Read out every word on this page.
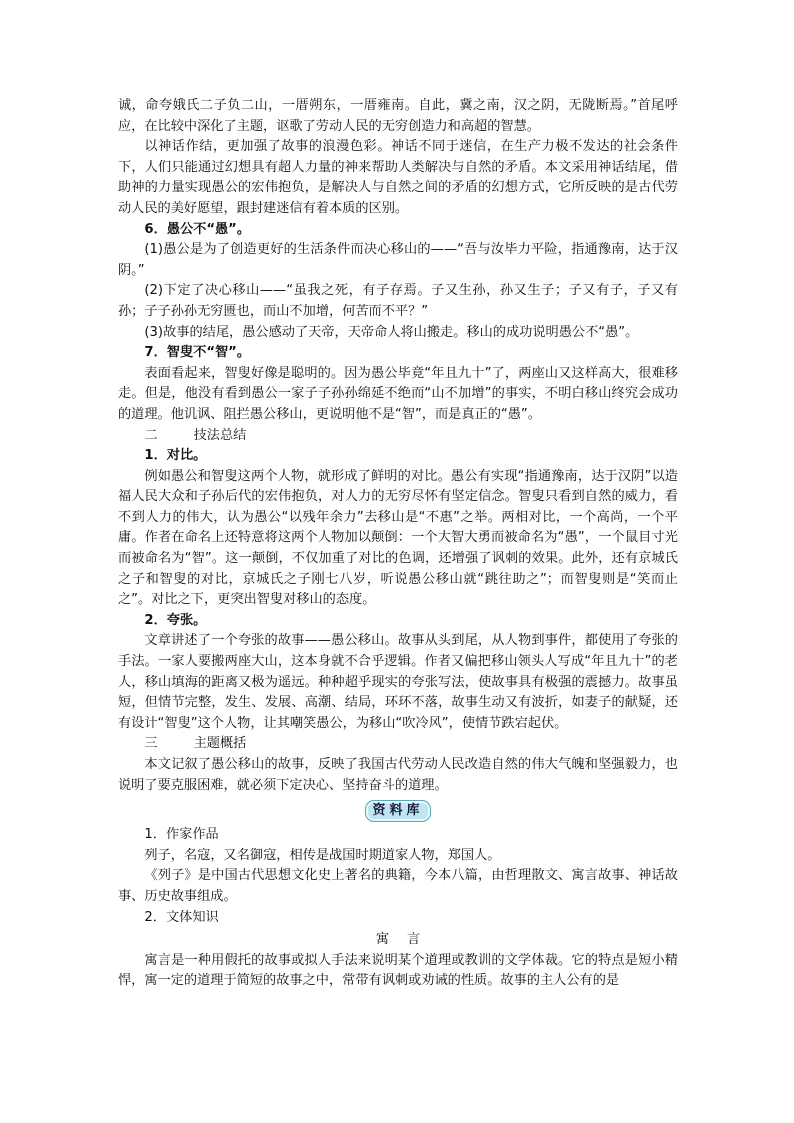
诚，命夸娥氏二子负二山，一厝朔东，一厝雍南。自此，冀之南，汉之阴，无陇断焉。”首尾呼应，在比较中深化了主题，讴歌了劳动人民的无穷创造力和高超的智慧。

以神话作结，更加强了故事的浪漫色彩。神话不同于迷信，在生产力极不发达的社会条件下，人们只能通过幻想具有超人力量的神来帮助人类解决与自然的矛盾。本文采用神话结尾，借助神的力量实现愚公的宏伟抱负，是解决人与自然之间的矛盾的幻想方式，它所反映的是古代劳动人民的美好愿望，跟封建迷信有着本质的区别。

6．愚公不“愚”。

(1)愚公是为了创造更好的生活条件而决心移山的——“吾与汝毕力平险，指通豫南，达于汉阴。”

(2)下定了决心移山——“虽我之死，有子存焉。子又生孙，孙又生子；子又有子，子又有孙；子子孙孙无穷匮也，而山不加增，何苦而不平？”

(3)故事的结尾，愚公感动了天帝，天帝命人将山搬走。移山的成功说明愚公不“愚”。

7．智叟不“智”。

表面看起来，智叟好像是聪明的。因为愚公毕竟“年且九十”了，两座山又这样高大，很难移走。但是，他没有看到愚公一家子子孙孙绵延不绝而“山不加增”的事实，不明白移山终究会成功的道理。他讥讽、阻拦愚公移山，更说明他不是“智”，而是真正的“愚”。

二	技法总结

1．对比。

例如愚公和智叟这两个人物，就形成了鲜明的对比。愚公有实现“指通豫南，达于汉阴”以造福人民大众和子孙后代的宏伟抱负，对人力的无穷尽怀有坚定信念。智叟只看到自然的威力，看不到人力的伟大，认为愚公“以残年余力”去移山是“不惠”之举。两相对比，一个高尚，一个平庸。作者在命名上还特意将这两个人物加以颠倒：一个大智大勇而被命名为“愚”，一个鼠目寸光而被命名为“智”。这一颠倒，不仅加重了对比的色调，还增强了讽刺的效果。此外，还有京城氏之子和智叟的对比，京城氏之子刚七八岁，听说愚公移山就“跳往助之”；而智叟则是“笑而止之”。对比之下，更突出智叟对移山的态度。

2．夸张。

文章讲述了一个夸张的故事——愚公移山。故事从头到尾，从人物到事件，都使用了夸张的手法。一家人要搬两座大山，这本身就不合乎逻辑。作者又偏把移山领头人写成“年且九十”的老人，移山填海的距离又极为遥远。种种超乎现实的夸张写法，使故事具有极强的震撼力。故事虽短，但情节完整，发生、发展、高潮、结局，环环不落，故事生动又有波折，如妻子的献疑，还有设计“智叟”这个人物，让其嘲笑愚公，为移山“吹冷风”，使情节跌宕起伏。

三	主题概括

本文记叙了愚公移山的故事，反映了我国古代劳动人民改造自然的伟大气魄和坚强毅力，也说明了要克服困难，就必须下定决心、坚持奋斗的道理。

资料库

1．作家作品

列子，名寇，又名御寇，相传是战国时期道家人物，郑国人。

《列子》是中国古代思想文化史上著名的典籍，今本八篇，由哲理散文、寓言故事、神话故事、历史故事组成。

2．文体知识

寓言

寓言是一种用假托的故事或拟人手法来说明某个道理或教训的文学体裁。它的特点是短小精悍，寓一定的道理于简短的故事之中，常带有讽刺或劝诫的性质。故事的主人公有的是
